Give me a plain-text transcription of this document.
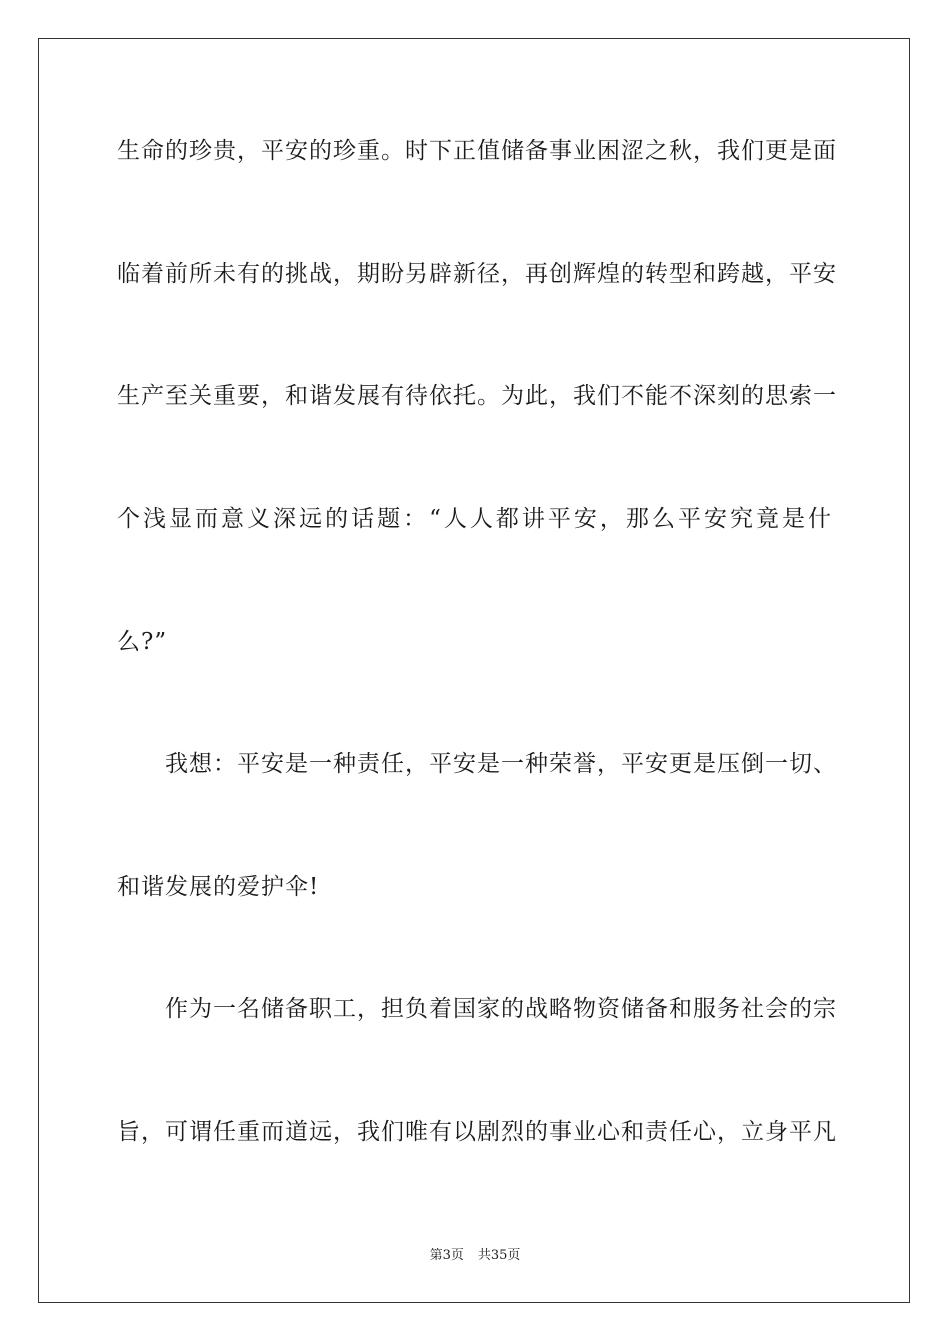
生命的珍贵，平安的珍重。时下正值储备事业困涩之秋，我们更是面
临着前所未有的挑战，期盼另辟新径，再创辉煌的转型和跨越，平安
生产至关重要，和谐发展有待依托。为此，我们不能不深刻的思索一
个浅显而意义深远的话题：“人人都讲平安，那么平安究竟是什
么?”
我想：平安是一种责任，平安是一种荣誉，平安更是压倒一切、
和谐发展的爱护伞!
作为一名储备职工，担负着国家的战略物资储备和服务社会的宗
旨，可谓任重而道远，我们唯有以剧烈的事业心和责任心，立身平凡
第3页 共35页
